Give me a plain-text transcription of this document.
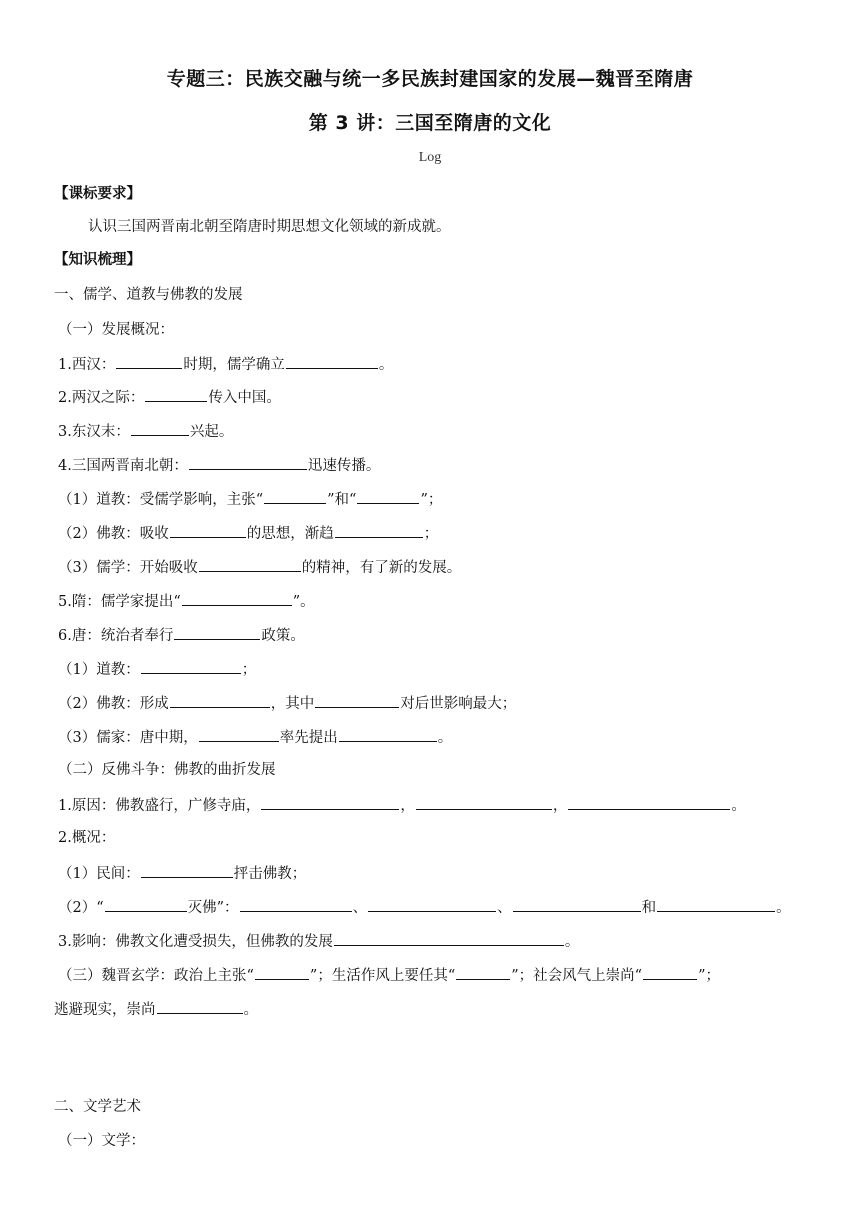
专题三：民族交融与统一多民族封建国家的发展—魏晋至隋唐
第 3 讲：三国至隋唐的文化
Log
【课标要求】
认识三国两晋南北朝至隋唐时期思想文化领域的新成就。
【知识梳理】
一、儒学、道教与佛教的发展
（一）发展概况：
1.西汉：	时期，儒学确立	。
2.两汉之际：	传入中国。
3.东汉末：	兴起。
4.三国两晋南北朝：	迅速传播。
（1）道教：受儒学影响，主张“	”和“	”；
（2）佛教：吸收	的思想，渐趋	；
（3）儒学：开始吸收	的精神，有了新的发展。
5.隋：儒学家提出“	”。
6.唐：统治者奉行	政策。
（1）道教：	；
（2）佛教：形成	，其中	对后世影响最大；
（3）儒家：唐中期，	率先提出	。
（二）反佛斗争：佛教的曲折发展
1.原因：佛教盛行，广修寺庙，	，	，	。
2.概况：
（1）民间：	抨击佛教；
（2）“	灭佛”：	、	、	和	。
3.影响：佛教文化遭受损失，但佛教的发展	。
（三）魏晋玄学：政治上主张“	”；生活作风上要任其“	”；社会风气上崇尚“	”；
逃避现实，崇尚	。
二、文学艺术
（一）文学：
